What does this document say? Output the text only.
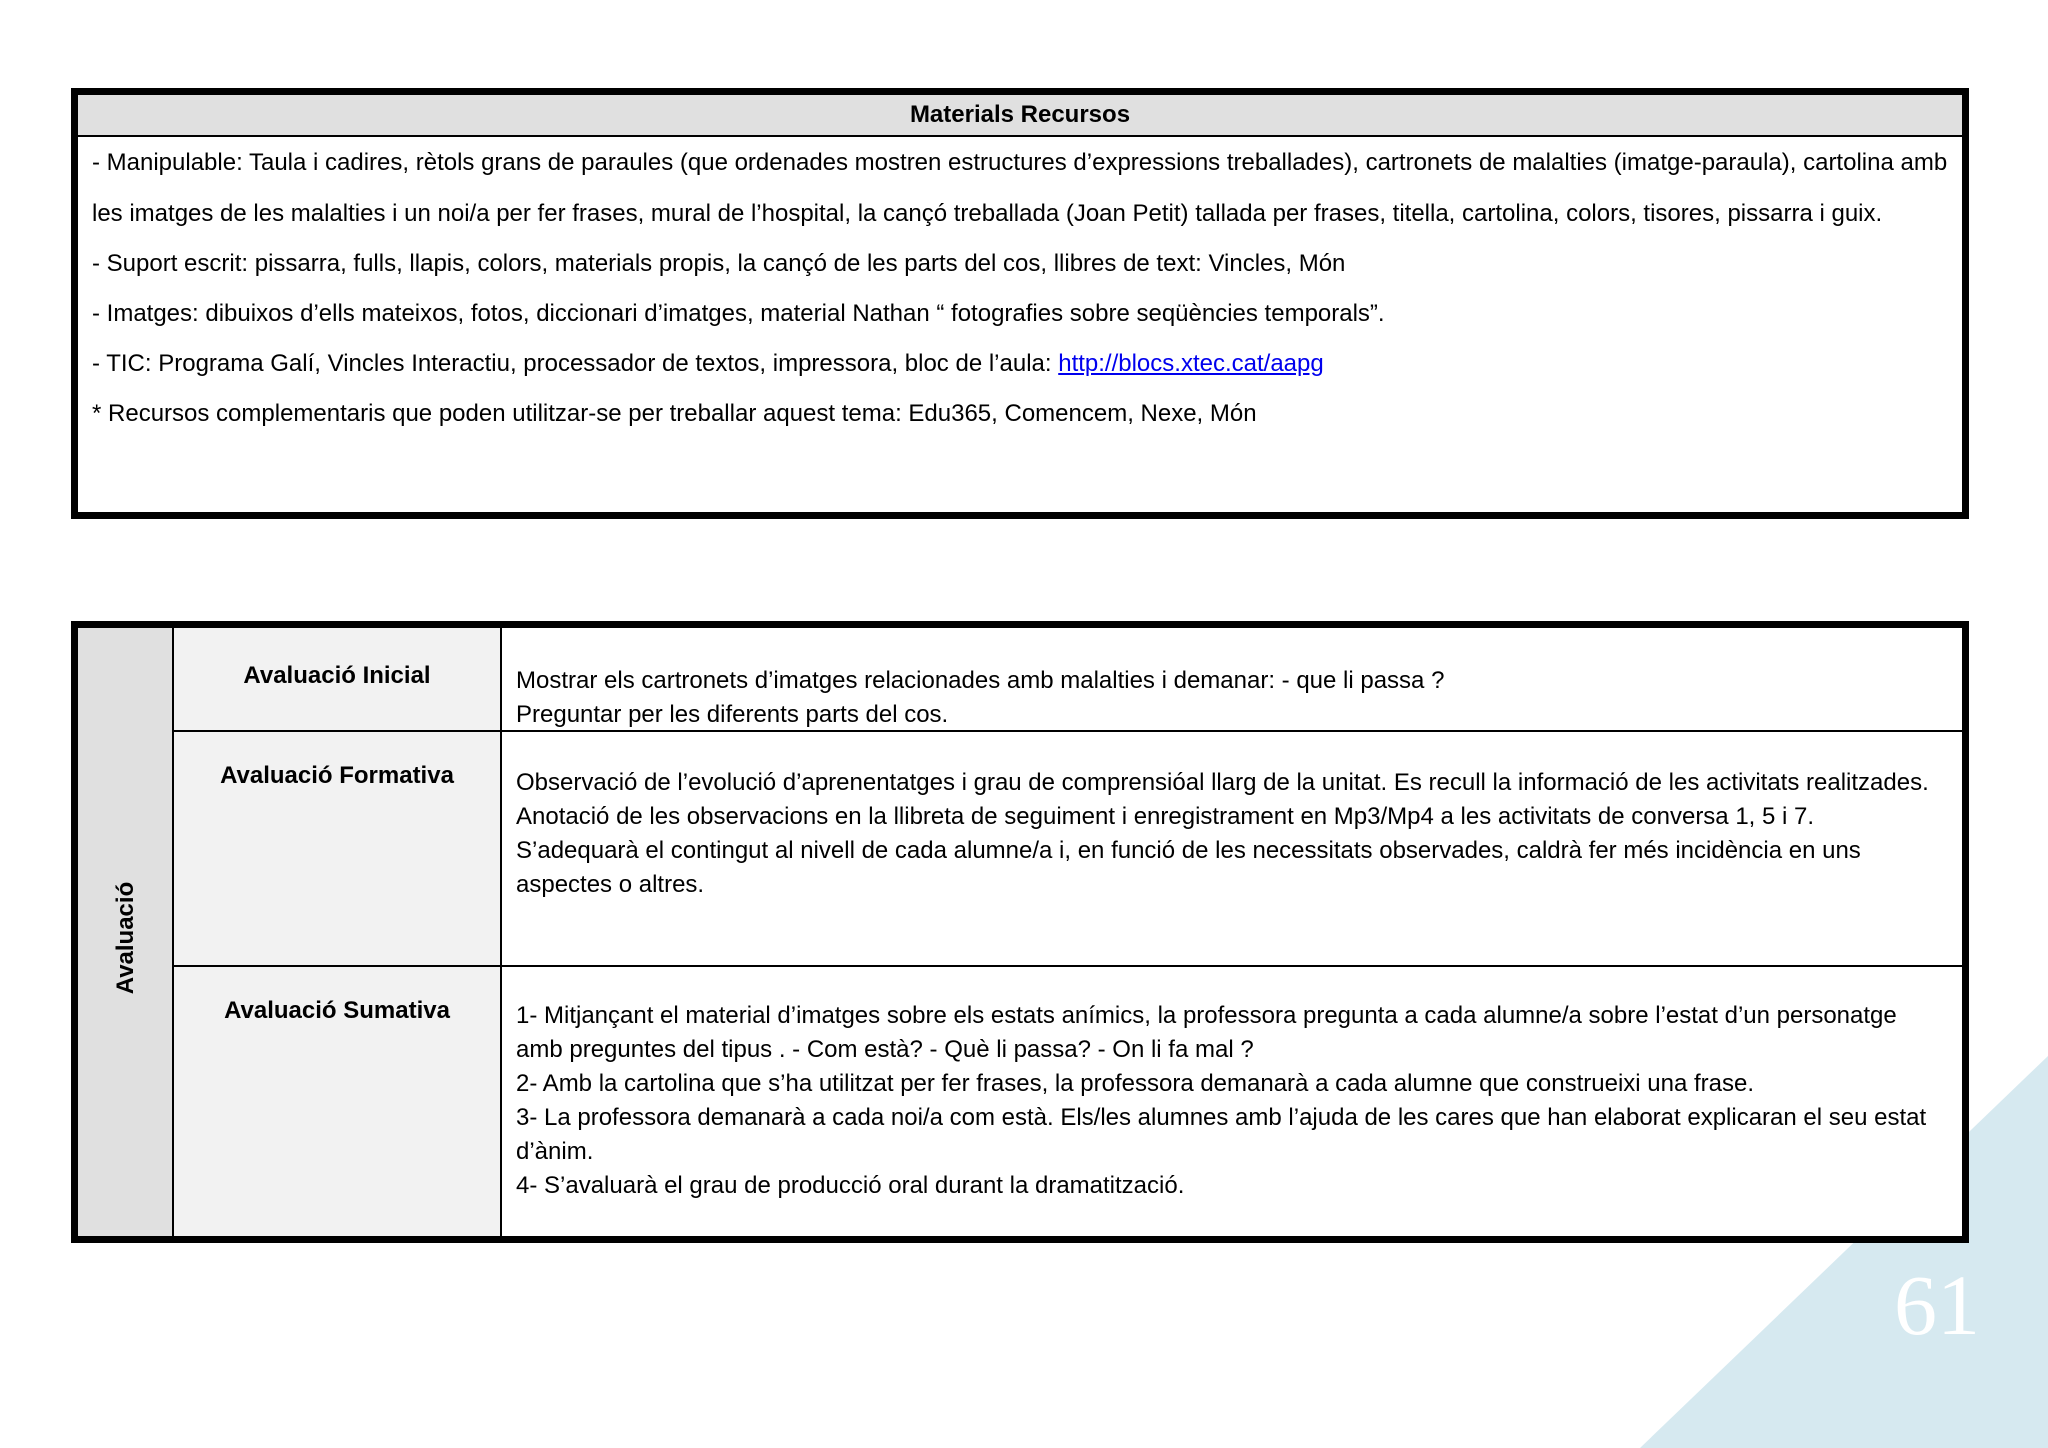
61
Materials Recursos

- Manipulable: Taula i cadires, rètols grans de paraules (que ordenades mostren estructures d’expressions treballades), cartronets de malalties (imatge-paraula), cartolina amb les imatges de les malalties i un noi/a per fer frases, mural de l’hospital, la cançó treballada (Joan Petit) tallada per frases, titella, cartolina, colors, tisores, pissarra i guix.

- Suport escrit: pissarra, fulls, llapis, colors, materials propis, la cançó de les parts del cos, llibres de text: Vincles, Món

- Imatges: dibuixos d’ells mateixos, fotos, diccionari d’imatges, material Nathan “ fotografies sobre seqüències temporals”.

- TIC: Programa Galí, Vincles Interactiu, processador de textos, impressora, bloc de l’aula: http://blocs.xtec.cat/aapg

* Recursos complementaris que poden utilitzar-se per treballar aquest tema: Edu365, Comencem, Nexe, Món

Avaluació
Avaluació Inicial	Mostrar els cartronets d’imatges relacionades amb malalties i demanar: - que li passa ?

Preguntar per les diferents parts del cos.

Avaluació Formativa	Observació de l’evolució d’aprenentatges i grau de comprensióal llarg de la unitat. Es recull la informació de les activitats realitzades. Anotació de les observacions en la llibreta de seguiment i enregistrament en Mp3/Mp4 a les activitats de conversa 1, 5 i 7.

S’adequarà el contingut al nivell de cada alumne/a i, en funció de les necessitats observades, caldrà fer més incidència en uns aspectes o altres.

Avaluació Sumativa	1- Mitjançant el material d’imatges sobre els estats anímics, la professora pregunta a cada alumne/a sobre l’estat d’un personatge amb preguntes del tipus . - Com està? - Què li passa? - On li fa mal ?

2- Amb la cartolina que s’ha utilitzat per fer frases, la professora demanarà a cada alumne que construeixi una frase.

3- La professora demanarà a cada noi/a com està. Els/les alumnes amb l’ajuda de les cares que han elaborat explicaran el seu estat d’ànim.

4- S’avaluarà el grau de producció oral durant la dramatització.
